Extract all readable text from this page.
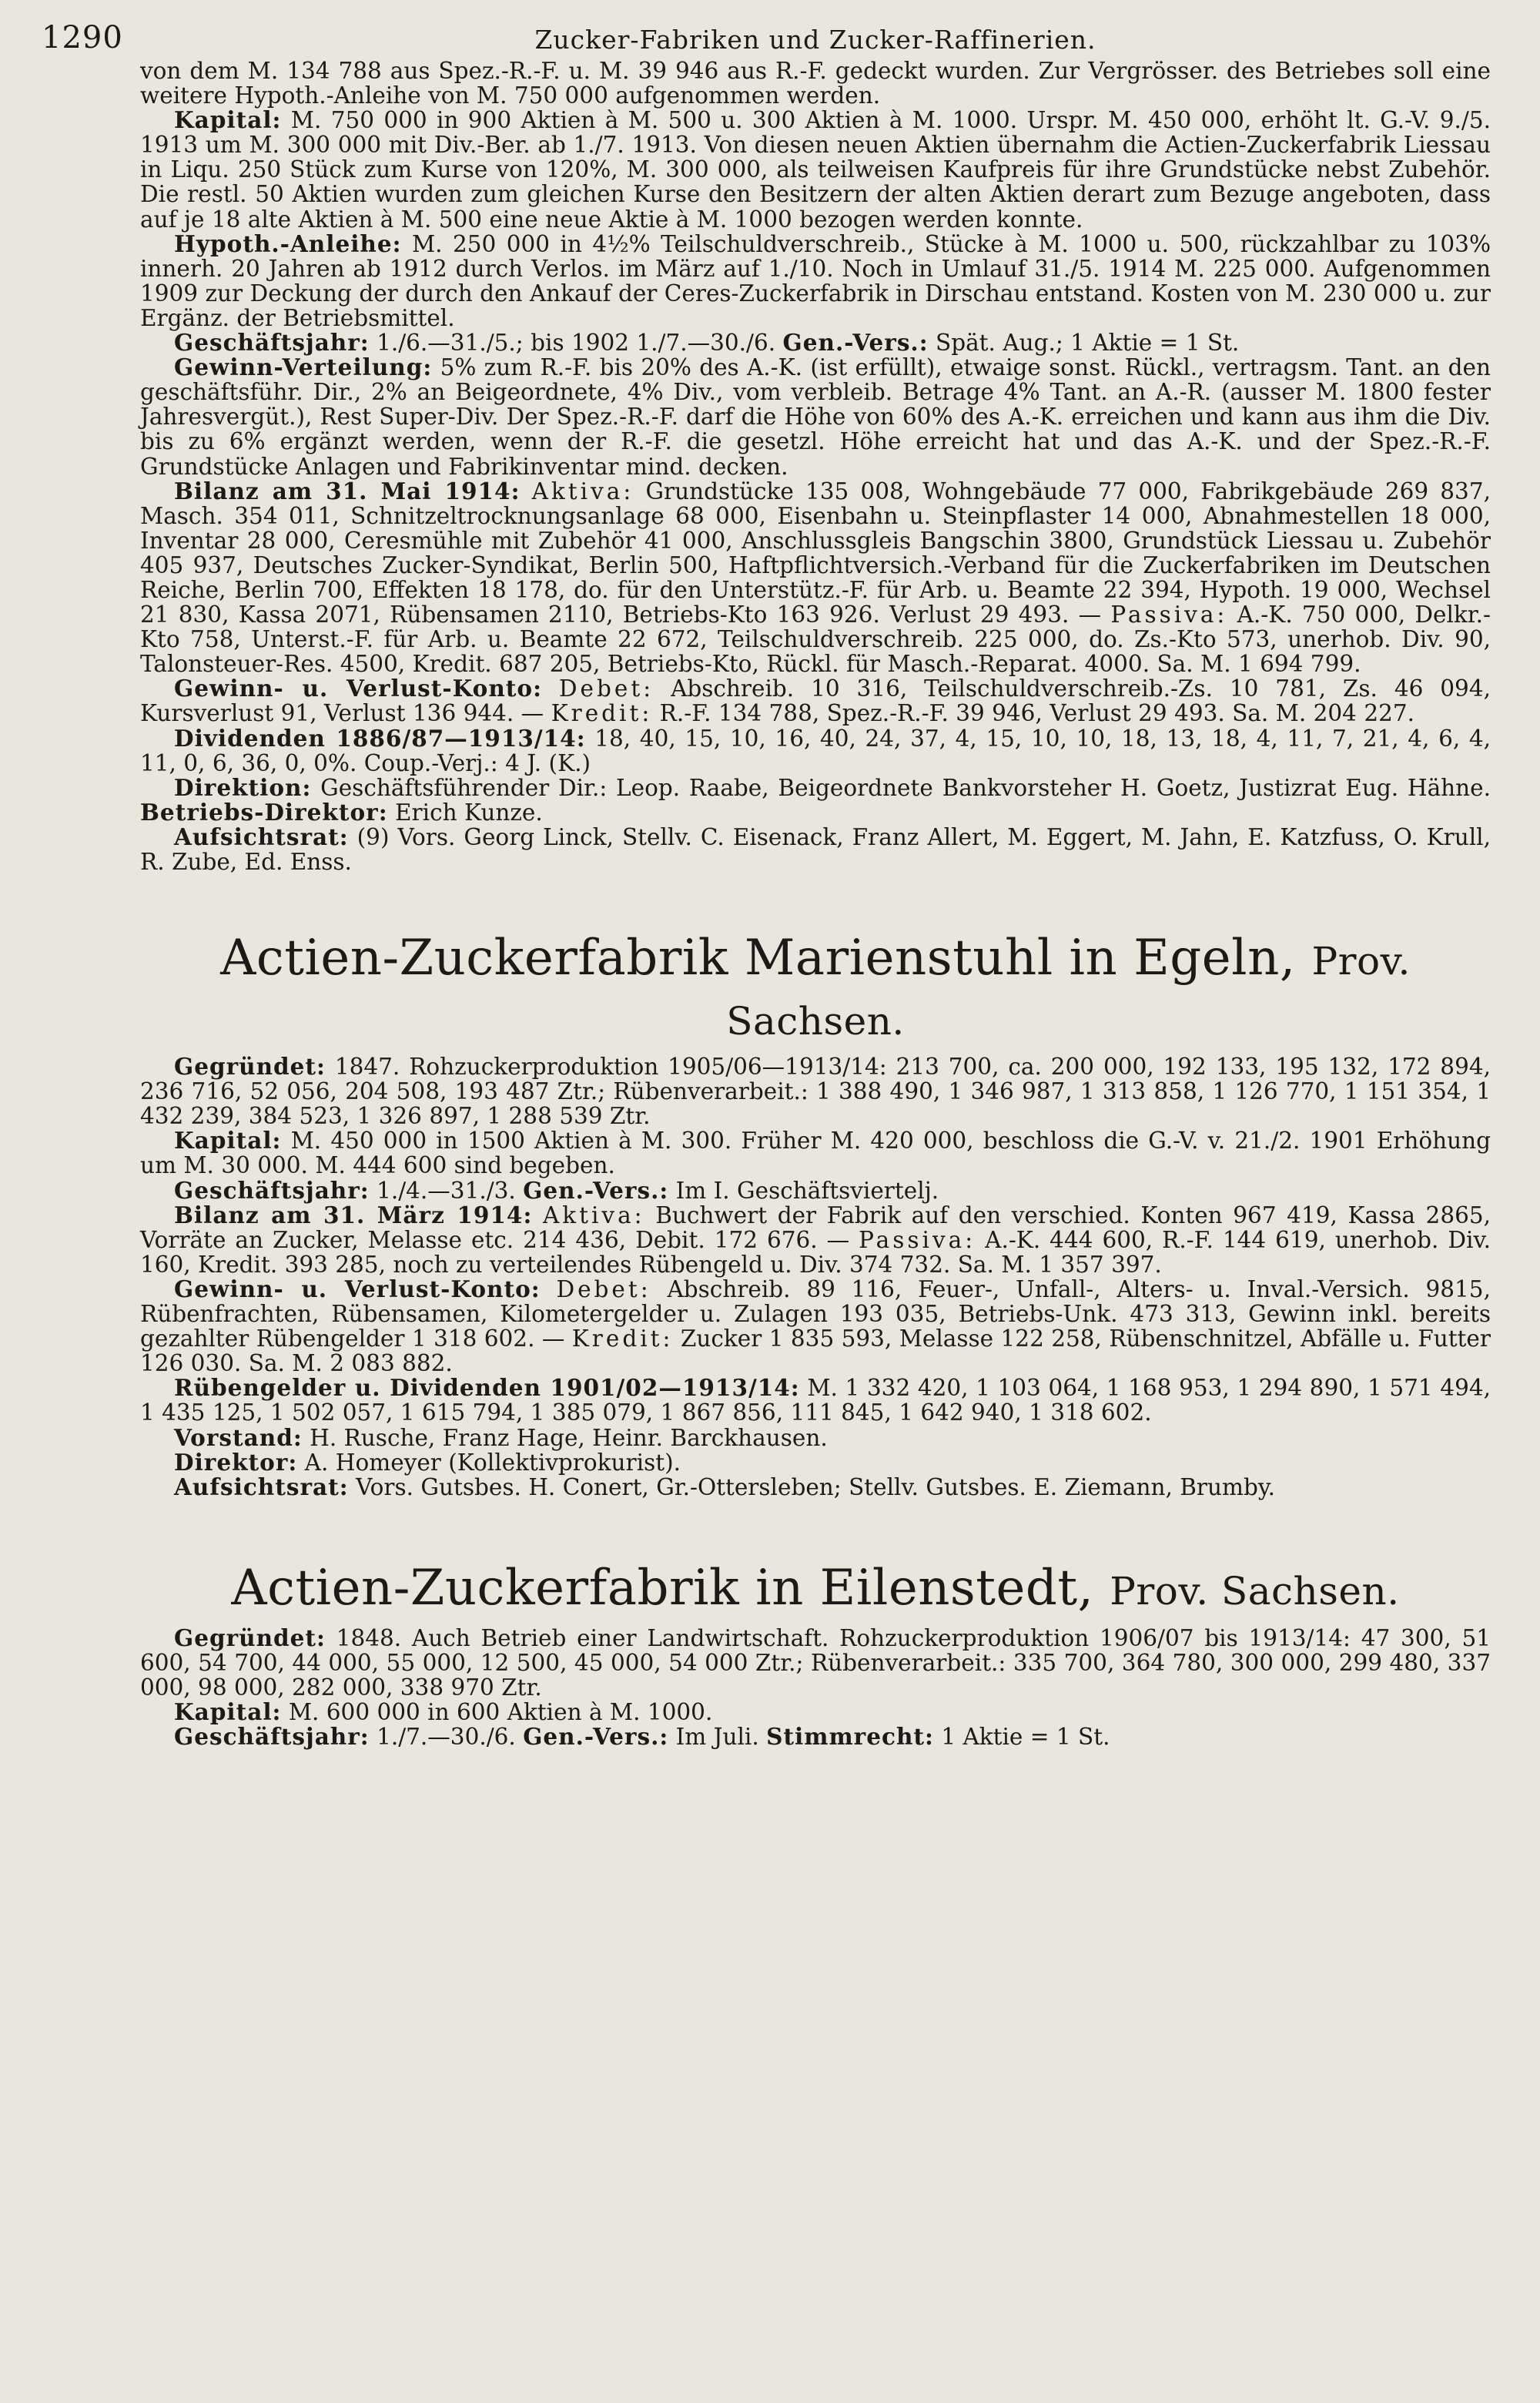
1290	Zucker-Fabriken und Zucker-Raffinerien.

von dem M. 134 788 aus Spez.-R.-F. u. M. 39 946 aus R.-F. gedeckt wurden. Zur Vergrösser. des Betriebes soll eine weitere Hypoth.-Anleihe von M. 750 000 aufgenommen werden.

Kapital: M. 750 000 in 900 Aktien à M. 500 u. 300 Aktien à M. 1000. Urspr. M. 450 000, erhöht lt. G.-V. 9./5. 1913 um M. 300 000 mit Div.-Ber. ab 1./7. 1913. Von diesen neuen Aktien übernahm die Actien-Zuckerfabrik Liessau in Liqu. 250 Stück zum Kurse von 120%, M. 300 000, als teilweisen Kaufpreis für ihre Grundstücke nebst Zubehör. Die restl. 50 Aktien wurden zum gleichen Kurse den Besitzern der alten Aktien derart zum Bezuge angeboten, dass auf je 18 alte Aktien à M. 500 eine neue Aktie à M. 1000 bezogen werden konnte.

Hypoth.-Anleihe: M. 250 000 in 4½% Teilschuldverschreib., Stücke à M. 1000 u. 500, rückzahlbar zu 103% innerh. 20 Jahren ab 1912 durch Verlos. im März auf 1./10. Noch in Umlauf 31./5. 1914 M. 225 000. Aufgenommen 1909 zur Deckung der durch den Ankauf der Ceres-Zuckerfabrik in Dirschau entstand. Kosten von M. 230 000 u. zur Ergänz. der Betriebsmittel.

Geschäftsjahr: 1./6.—31./5.; bis 1902 1./7.—30./6. Gen.-Vers.: Spät. Aug.; 1 Aktie = 1 St.

Gewinn-Verteilung: 5% zum R.-F. bis 20% des A.-K. (ist erfüllt), etwaige sonst. Rückl., vertragsm. Tant. an den geschäftsführ. Dir., 2% an Beigeordnete, 4% Div., vom verbleib. Betrage 4% Tant. an A.-R. (ausser M. 1800 fester Jahresvergüt.), Rest Super-Div. Der Spez.-R.-F. darf die Höhe von 60% des A.-K. erreichen und kann aus ihm die Div. bis zu 6% ergänzt werden, wenn der R.-F. die gesetzl. Höhe erreicht hat und das A.-K. und der Spez.-R.-F. Grundstücke Anlagen und Fabrikinventar mind. decken.

Bilanz am 31. Mai 1914: Aktiva: Grundstücke 135 008, Wohngebäude 77 000, Fabrikgebäude 269 837, Masch. 354 011, Schnitzeltrocknungsanlage 68 000, Eisenbahn u. Steinpflaster 14 000, Abnahmestellen 18 000, Inventar 28 000, Ceresmühle mit Zubehör 41 000, Anschlussgleis Bangschin 3800, Grundstück Liessau u. Zubehör 405 937, Deutsches Zucker-Syndikat, Berlin 500, Haftpflichtversich.-Verband für die Zuckerfabriken im Deutschen Reiche, Berlin 700, Effekten 18 178, do. für den Unterstütz.-F. für Arb. u. Beamte 22 394, Hypoth. 19 000, Wechsel 21 830, Kassa 2071, Rübensamen 2110, Betriebs-Kto 163 926. Verlust 29 493. — Passiva: A.-K. 750 000, Delkr.-Kto 758, Unterst.-F. für Arb. u. Beamte 22 672, Teilschuldverschreib. 225 000, do. Zs.-Kto 573, unerhob. Div. 90, Talonsteuer-Res. 4500, Kredit. 687 205, Betriebs-Kto, Rückl. für Masch.-Reparat. 4000. Sa. M. 1 694 799.

Gewinn- u. Verlust-Konto: Debet: Abschreib. 10 316, Teilschuldverschreib.-Zs. 10 781, Zs. 46 094, Kursverlust 91, Verlust 136 944. — Kredit: R.-F. 134 788, Spez.-R.-F. 39 946, Verlust 29 493. Sa. M. 204 227.

Dividenden 1886/87—1913/14: 18, 40, 15, 10, 16, 40, 24, 37, 4, 15, 10, 10, 18, 13, 18, 4, 11, 7, 21, 4, 6, 4, 11, 0, 6, 36, 0, 0%. Coup.-Verj.: 4 J. (K.)

Direktion: Geschäftsführender Dir.: Leop. Raabe, Beigeordnete Bankvorsteher H. Goetz, Justizrat Eug. Hähne. Betriebs-Direktor: Erich Kunze.

Aufsichtsrat: (9) Vors. Georg Linck, Stellv. C. Eisenack, Franz Allert, M. Eggert, M. Jahn, E. Katzfuss, O. Krull, R. Zube, Ed. Enss.

Actien-Zuckerfabrik Marienstuhl in Egeln, Prov. Sachsen.

Gegründet: 1847. Rohzuckerproduktion 1905/06—1913/14: 213 700, ca. 200 000, 192 133, 195 132, 172 894, 236 716, 52 056, 204 508, 193 487 Ztr.; Rübenverarbeit.: 1 388 490, 1 346 987, 1 313 858, 1 126 770, 1 151 354, 1 432 239, 384 523, 1 326 897, 1 288 539 Ztr.

Kapital: M. 450 000 in 1500 Aktien à M. 300. Früher M. 420 000, beschloss die G.-V. v. 21./2. 1901 Erhöhung um M. 30 000. M. 444 600 sind begeben.

Geschäftsjahr: 1./4.—31./3. Gen.-Vers.: Im I. Geschäftsviertelj.

Bilanz am 31. März 1914: Aktiva: Buchwert der Fabrik auf den verschied. Konten 967 419, Kassa 2865, Vorräte an Zucker, Melasse etc. 214 436, Debit. 172 676. — Passiva: A.-K. 444 600, R.-F. 144 619, unerhob. Div. 160, Kredit. 393 285, noch zu verteilendes Rübengeld u. Div. 374 732. Sa. M. 1 357 397.

Gewinn- u. Verlust-Konto: Debet: Abschreib. 89 116, Feuer-, Unfall-, Alters- u. Inval.-Versich. 9815, Rübenfrachten, Rübensamen, Kilometergelder u. Zulagen 193 035, Betriebs-Unk. 473 313, Gewinn inkl. bereits gezahlter Rübengelder 1 318 602. — Kredit: Zucker 1 835 593, Melasse 122 258, Rübenschnitzel, Abfälle u. Futter 126 030. Sa. M. 2 083 882.

Rübengelder u. Dividenden 1901/02—1913/14: M. 1 332 420, 1 103 064, 1 168 953, 1 294 890, 1 571 494, 1 435 125, 1 502 057, 1 615 794, 1 385 079, 1 867 856, 111 845, 1 642 940, 1 318 602.

Vorstand: H. Rusche, Franz Hage, Heinr. Barckhausen.

Direktor: A. Homeyer (Kollektivprokurist).

Aufsichtsrat: Vors. Gutsbes. H. Conert, Gr.-Ottersleben; Stellv. Gutsbes. E. Ziemann, Brumby.

Actien-Zuckerfabrik in Eilenstedt, Prov. Sachsen.

Gegründet: 1848. Auch Betrieb einer Landwirtschaft. Rohzuckerproduktion 1906/07 bis 1913/14: 47 300, 51 600, 54 700, 44 000, 55 000, 12 500, 45 000, 54 000 Ztr.; Rübenverarbeit.: 335 700, 364 780, 300 000, 299 480, 337 000, 98 000, 282 000, 338 970 Ztr.

Kapital: M. 600 000 in 600 Aktien à M. 1000.

Geschäftsjahr: 1./7.—30./6. Gen.-Vers.: Im Juli. Stimmrecht: 1 Aktie = 1 St.
